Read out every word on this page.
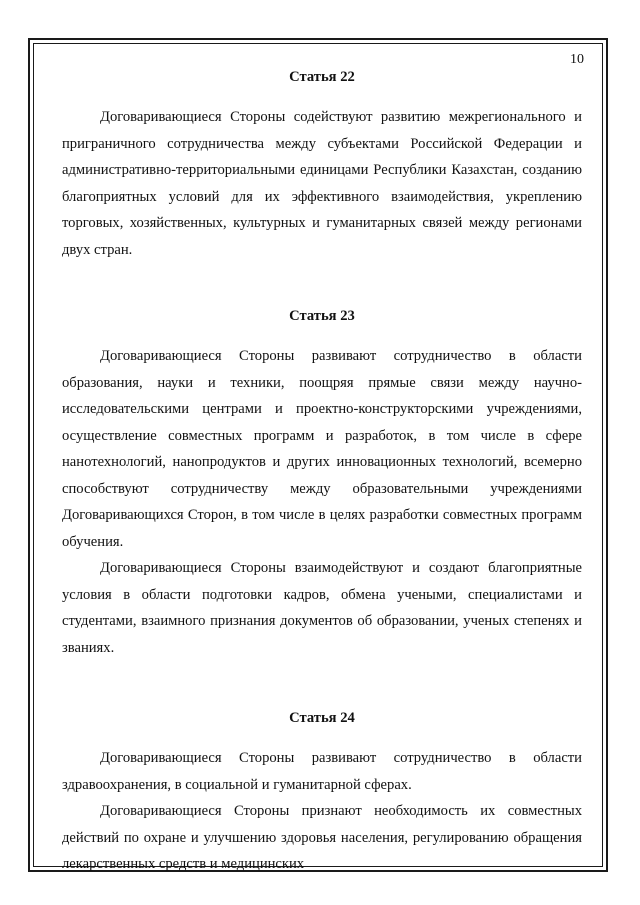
10
Статья 22

Договаривающиеся Стороны содействуют развитию межрегионального и приграничного сотрудничества между субъектами Российской Федерации и административно-территориальными единицами Республики Казахстан, созданию благоприятных условий для их эффективного взаимодействия, укреплению торговых, хозяйственных, культурных и гуманитарных связей между регионами двух стран.

Статья 23

Договаривающиеся Стороны развивают сотрудничество в области образования, науки и техники, поощряя прямые связи между научно-исследовательскими центрами и проектно-конструкторскими учреждениями, осуществление совместных программ и разработок, в том числе в сфере нанотехнологий, нанопродуктов и других инновационных технологий, всемерно способствуют сотрудничеству между образовательными учреждениями Договаривающихся Сторон, в том числе в целях разработки совместных программ обучения.

Договаривающиеся Стороны взаимодействуют и создают благоприятные условия в области подготовки кадров, обмена учеными, специалистами и студентами, взаимного признания документов об образовании, ученых степенях и званиях.

Статья 24

Договаривающиеся Стороны развивают сотрудничество в области здравоохранения, в социальной и гуманитарной сферах.

Договаривающиеся Стороны признают необходимость их совместных действий по охране и улучшению здоровья населения, регулированию обращения лекарственных средств и медицинских
